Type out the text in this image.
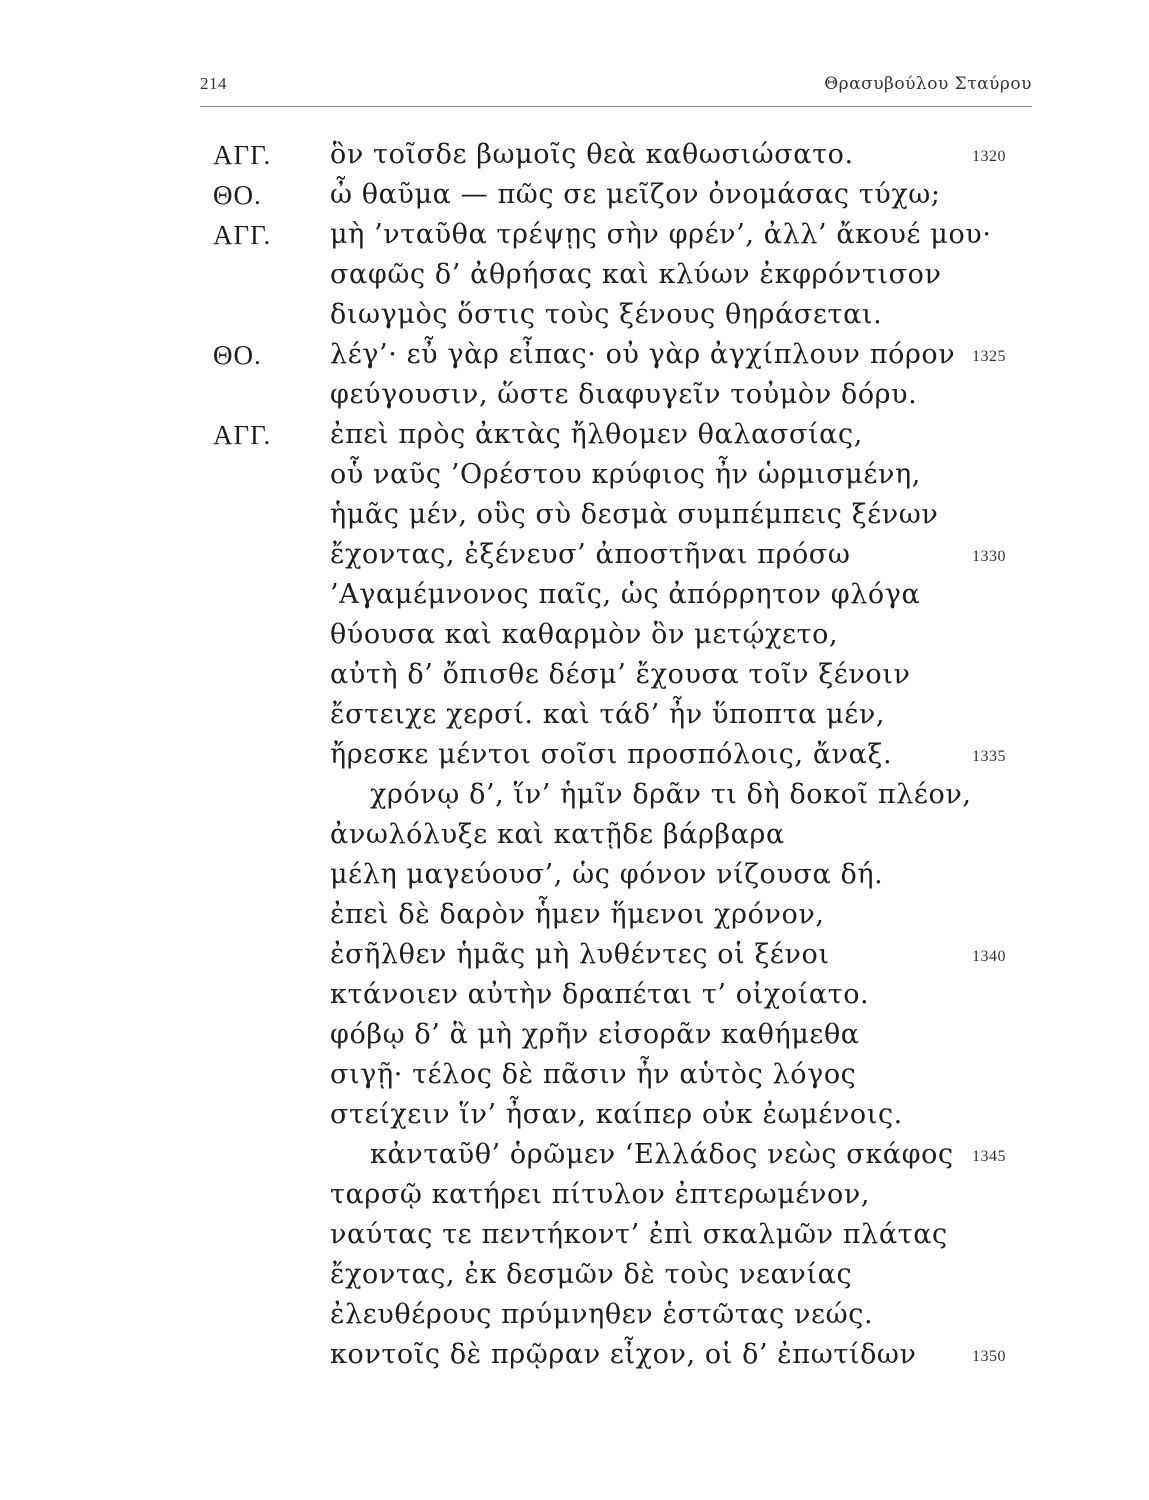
214	Θρασυβούλου Σταύρου
ΑΓΓ. ὃν τοῖσδε βωμοῖς θεὰ καθωσιώσατο.	1320
ΘΟ.	ὦ θαῦμα — πῶς σε μεῖζον ὀνομάσας τύχω;
ΑΓΓ. μὴ ’νταῦθα τρέψῃς σὴν φρέν’, ἀλλ’ ἄκουέ μου·
σαφῶς δ’ ἀθρήσας καὶ κλύων ἐκφρόντισον
διωγμὸς ὅστις τοὺς ξένους θηράσεται.
ΘΟ.	λέγ’· εὖ γὰρ εἶπας· οὐ γὰρ ἀγχίπλουν πόρον 1325
φεύγουσιν, ὥστε διαφυγεῖν τοὐμὸν δόρυ.
ΑΓΓ. ἐπεὶ πρὸς ἀκτὰς ἤλθομεν θαλασσίας,
οὗ ναῦς ’Ορέστου κρύφιος ἦν ὡρμισμένη,
ἡμᾶς μέν, οὓς σὺ δεσμὰ συμπέμπεις ξένων
ἔχοντας, ἐξένευσ’ ἀποστῆναι πρόσω	1330
’Αγαμέμνονος παῖς, ὡς ἀπόρρητον φλόγα
θύουσα καὶ καθαρμὸν ὃν μετῴχετο,
αὐτὴ δ’ ὄπισθε δέσμ’ ἔχουσα τοῖν ξένοιν
ἔστειχε χερσί. καὶ τάδ’ ἦν ὕποπτα μέν,
ἤρεσκε μέντοι σοῖσι προσπόλοις, ἄναξ.	1335
χρόνῳ δ’, ἵν’ ἡμῖν δρᾶν τι δὴ δοκοῖ πλέον,
ἀνωλόλυξε καὶ κατῇδε βάρβαρα
μέλη μαγεύουσ’, ὡς φόνον νίζουσα δή.
ἐπεὶ δὲ δαρὸν ἧμεν ἥμενοι χρόνον,
ἐσῆλθεν ἡμᾶς μὴ λυθέντες οἱ ξένοι	1340
κτάνοιεν αὐτὴν δραπέται τ’ οἰχοίατο.
φόβῳ δ’ ἃ μὴ χρῆν εἰσορᾶν καθήμεθα
σιγῇ· τέλος δὲ πᾶσιν ἦν αὑτὸς λόγος
στείχειν ἵν’ ἦσαν, καίπερ οὐκ ἐωμένοις.
κἀνταῦθ’ ὁρῶμεν ‘Ελλάδος νεὼς σκάφος 1345
ταρσῷ κατήρει πίτυλον ἐπτερωμένον,
ναύτας τε πεντήκοντ’ ἐπὶ σκαλμῶν πλάτας
ἔχοντας, ἐκ δεσμῶν δὲ τοὺς νεανίας
ἐλευθέρους πρύμνηθεν ἑστῶτας νεώς.
κοντοῖς δὲ πρῷραν εἶχον, οἱ δ’ ἐπωτίδων	1350
